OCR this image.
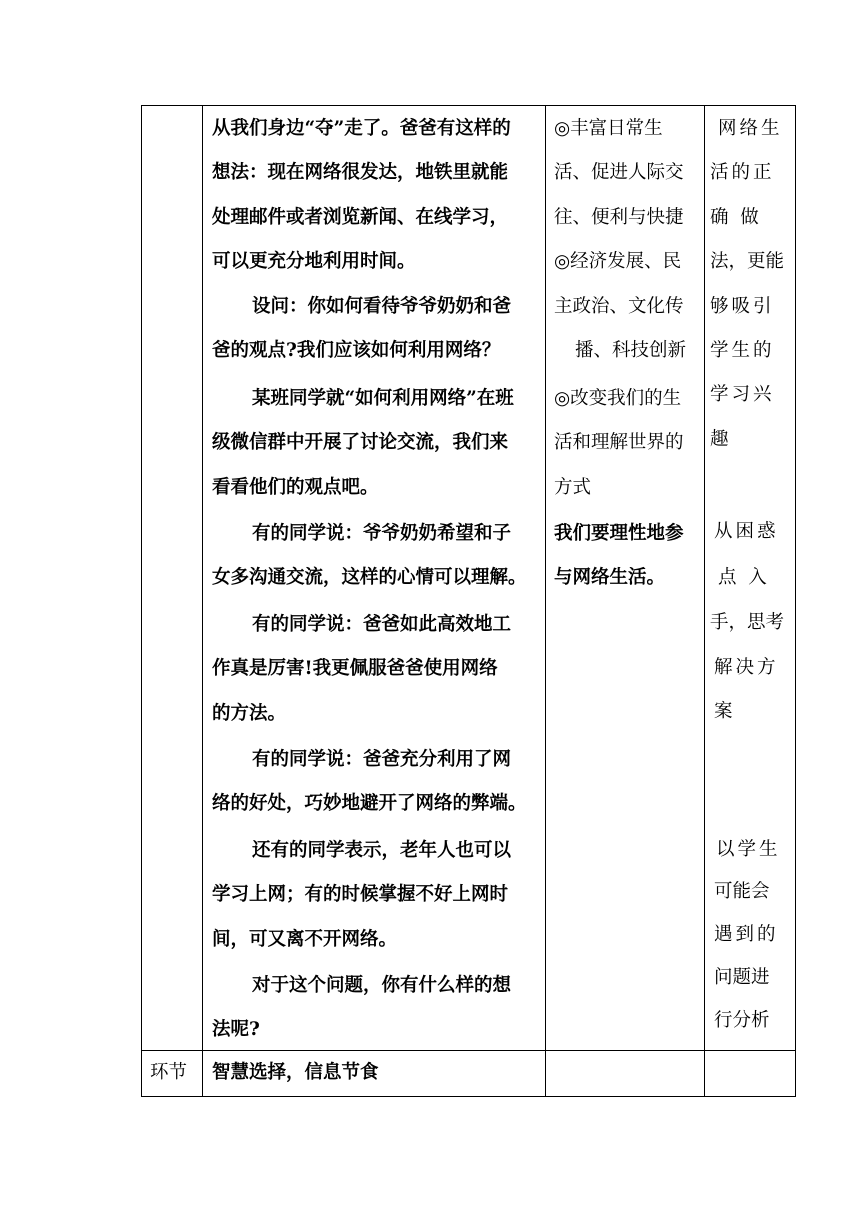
从我们身边“夺”走了。爸爸有这样的

想法：现在网络很发达，地铁里就能

处理邮件或者浏览新闻、在线学习，

可以更充分地利用时间。

设问：你如何看待爷爷奶奶和爸

爸的观点?我们应该如何利用网络？

某班同学就“如何利用网络”在班

级微信群中开展了讨论交流，我们来

看看他们的观点吧。

有的同学说：爷爷奶奶希望和子

女多沟通交流，这样的心情可以理解。

有的同学说：爸爸如此高效地工

作真是厉害!我更佩服爸爸使用网络

的方法。

有的同学说：爸爸充分利用了网

络的好处，巧妙地避开了网络的弊端。

还有的同学表示，老年人也可以

学习上网；有的时候掌握不好上网时

间，可又离不开网络。

对于这个问题，你有什么样的想

法呢?

◎丰富日常生

活、促进人际交

往、便利与快捷

◎经济发展、民

主政治、文化传

播、科技创新

◎改变我们的生

活和理解世界的

方式

我们要理性地参

与网络生活。

网络生

活的正

确  做

法，更能

够吸引

学生的

学习兴

趣

从困惑

点  入

手，思考

解决方

案

以学生

可能会

遇到的

问题进

行分析

环节 智慧选择，信息节食
